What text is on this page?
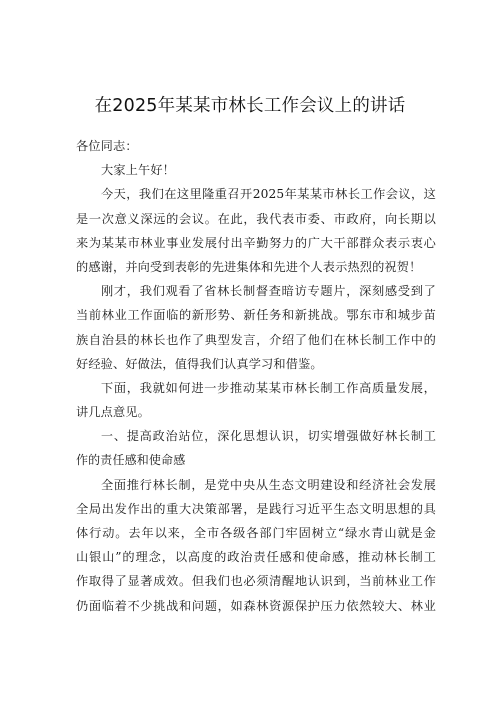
在2025年某某市林长工作会议上的讲话
各位同志：
大家上午好！
今天，我们在这里隆重召开2025年某某市林长工作会议，这
是一次意义深远的会议。在此，我代表市委、市政府，向长期以
来为某某市林业事业发展付出辛勤努力的广大干部群众表示衷心
的感谢，并向受到表彰的先进集体和先进个人表示热烈的祝贺！
刚才，我们观看了省林长制督查暗访专题片，深刻感受到了
当前林业工作面临的新形势、新任务和新挑战。鄂东市和城步苗
族自治县的林长也作了典型发言，介绍了他们在林长制工作中的
好经验、好做法，值得我们认真学习和借鉴。
下面，我就如何进一步推动某某市林长制工作高质量发展，
讲几点意见。
一、提高政治站位，深化思想认识，切实增强做好林长制工
作的责任感和使命感
全面推行林长制，是党中央从生态文明建设和经济社会发展
全局出发作出的重大决策部署，是践行习近平生态文明思想的具
体行动。去年以来，全市各级各部门牢固树立“绿水青山就是金
山银山”的理念，以高度的政治责任感和使命感，推动林长制工
作取得了显著成效。但我们也必须清醒地认识到，当前林业工作
仍面临着不少挑战和问题，如森林资源保护压力依然较大、林业
